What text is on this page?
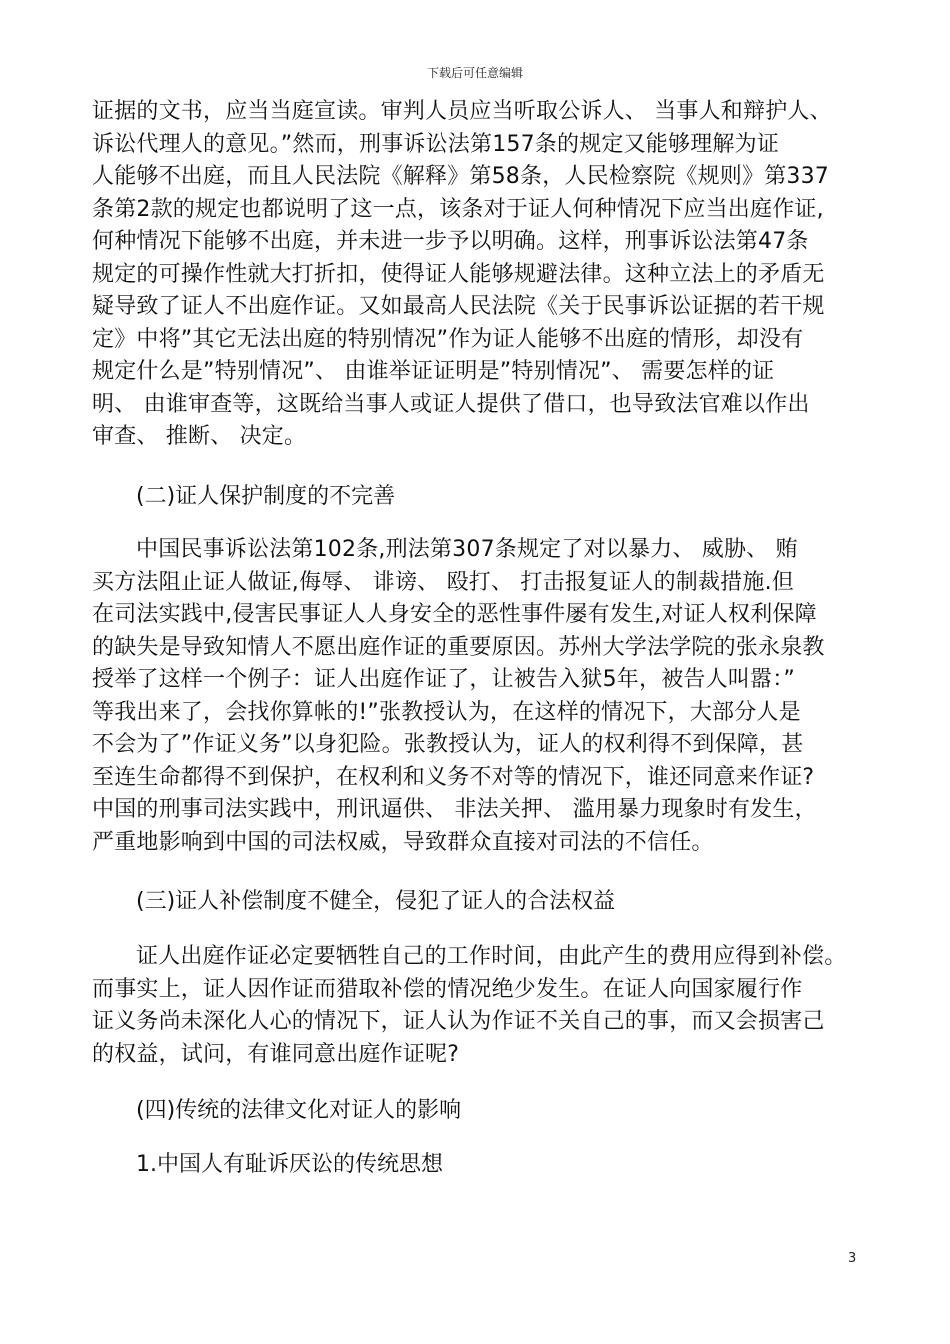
下载后可任意编辑
证据的文书，应当当庭宣读。审判人员应当听取公诉人、 当事人和辩护人、
诉讼代理人的意见。”然而，刑事诉讼法第157条的规定又能够理解为证
人能够不出庭，而且人民法院《解释》第58条，人民检察院《规则》第337
条第2款的规定也都说明了这一点，该条对于证人何种情况下应当出庭作证,
何种情况下能够不出庭，并未进一步予以明确。这样，刑事诉讼法第47条
规定的可操作性就大打折扣，使得证人能够规避法律。这种立法上的矛盾无
疑导致了证人不出庭作证。又如最高人民法院《关于民事诉讼证据的若干规
定》中将”其它无法出庭的特别情况”作为证人能够不出庭的情形，却没有
规定什么是”特别情况”、 由谁举证证明是”特别情况”、 需要怎样的证
明、 由谁审查等，这既给当事人或证人提供了借口，也导致法官难以作出
审查、 推断、 决定。
(二)证人保护制度的不完善
中国民事诉讼法第102条,刑法第307条规定了对以暴力、 威胁、 贿
买方法阻止证人做证,侮辱、 诽谤、 殴打、 打击报复证人的制裁措施.但
在司法实践中,侵害民事证人人身安全的恶性事件屡有发生,对证人权利保障
的缺失是导致知情人不愿出庭作证的重要原因。苏州大学法学院的张永泉教
授举了这样一个例子：证人出庭作证了，让被告入狱5年，被告人叫嚣：”
等我出来了，会找你算帐的!”张教授认为，在这样的情况下，大部分人是
不会为了”作证义务”以身犯险。张教授认为，证人的权利得不到保障，甚
至连生命都得不到保护，在权利和义务不对等的情况下，谁还同意来作证?
中国的刑事司法实践中，刑讯逼供、 非法关押、 滥用暴力现象时有发生，
严重地影响到中国的司法权威，导致群众直接对司法的不信任。
(三)证人补偿制度不健全，侵犯了证人的合法权益
证人出庭作证必定要牺牲自己的工作时间，由此产生的费用应得到补偿。
而事实上，证人因作证而猎取补偿的情况绝少发生。在证人向国家履行作
证义务尚未深化人心的情况下，证人认为作证不关自己的事，而又会损害己
的权益，试问，有谁同意出庭作证呢?
(四)传统的法律文化对证人的影响
1.中国人有耻诉厌讼的传统思想
3
